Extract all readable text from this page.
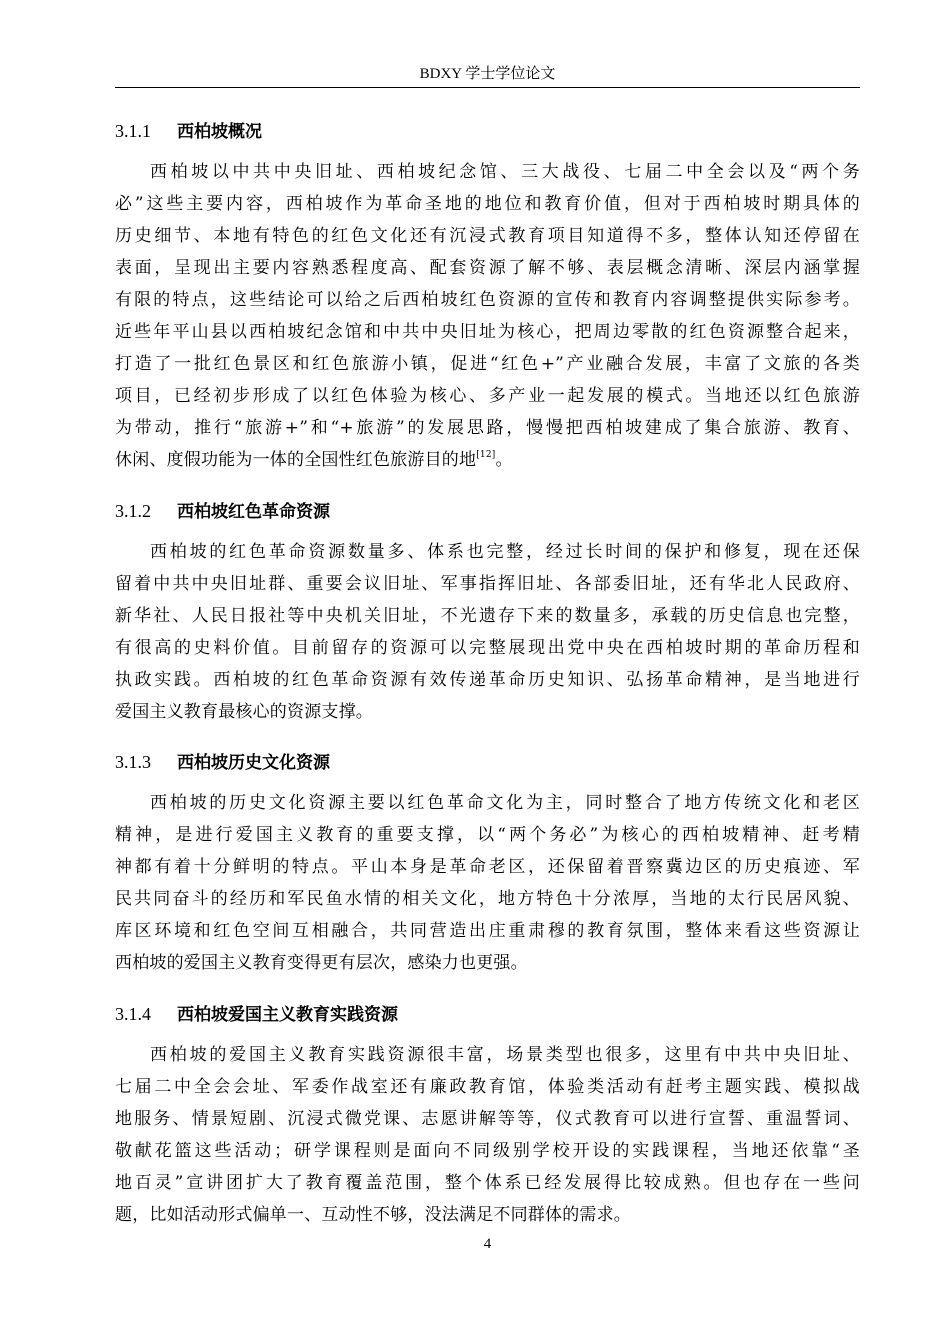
BDXY 学士学位论文
3.1.1 西柏坡概况
西柏坡以中共中央旧址、西柏坡纪念馆、三大战役、七届二中全会以及“两个务
必”这些主要内容，西柏坡作为革命圣地的地位和教育价值，但对于西柏坡时期具体的
历史细节、本地有特色的红色文化还有沉浸式教育项目知道得不多，整体认知还停留在
表面，呈现出主要内容熟悉程度高、配套资源了解不够、表层概念清晰、深层内涵掌握
有限的特点，这些结论可以给之后西柏坡红色资源的宣传和教育内容调整提供实际参考。
近些年平山县以西柏坡纪念馆和中共中央旧址为核心，把周边零散的红色资源整合起来，
打造了一批红色景区和红色旅游小镇，促进“红色+”产业融合发展，丰富了文旅的各类
项目，已经初步形成了以红色体验为核心、多产业一起发展的模式。当地还以红色旅游
为带动，推行“旅游+”和“+旅游”的发展思路，慢慢把西柏坡建成了集合旅游、教育、
休闲、度假功能为一体的全国性红色旅游目的地[12]。
3.1.2 西柏坡红色革命资源
西柏坡的红色革命资源数量多、体系也完整，经过长时间的保护和修复，现在还保
留着中共中央旧址群、重要会议旧址、军事指挥旧址、各部委旧址，还有华北人民政府、
新华社、人民日报社等中央机关旧址，不光遗存下来的数量多，承载的历史信息也完整，
有很高的史料价值。目前留存的资源可以完整展现出党中央在西柏坡时期的革命历程和
执政实践。西柏坡的红色革命资源有效传递革命历史知识、弘扬革命精神，是当地进行
爱国主义教育最核心的资源支撑。
3.1.3 西柏坡历史文化资源
西柏坡的历史文化资源主要以红色革命文化为主，同时整合了地方传统文化和老区
精神，是进行爱国主义教育的重要支撑，以“两个务必”为核心的西柏坡精神、赶考精
神都有着十分鲜明的特点。平山本身是革命老区，还保留着晋察冀边区的历史痕迹、军
民共同奋斗的经历和军民鱼水情的相关文化，地方特色十分浓厚，当地的太行民居风貌、
库区环境和红色空间互相融合，共同营造出庄重肃穆的教育氛围，整体来看这些资源让
西柏坡的爱国主义教育变得更有层次，感染力也更强。
3.1.4 西柏坡爱国主义教育实践资源
西柏坡的爱国主义教育实践资源很丰富，场景类型也很多，这里有中共中央旧址、
七届二中全会会址、军委作战室还有廉政教育馆，体验类活动有赶考主题实践、模拟战
地服务、情景短剧、沉浸式微党课、志愿讲解等等，仪式教育可以进行宣誓、重温誓词、
敬献花篮这些活动；研学课程则是面向不同级别学校开设的实践课程，当地还依靠“圣
地百灵”宣讲团扩大了教育覆盖范围，整个体系已经发展得比较成熟。但也存在一些问
题，比如活动形式偏单一、互动性不够，没法满足不同群体的需求。
4
